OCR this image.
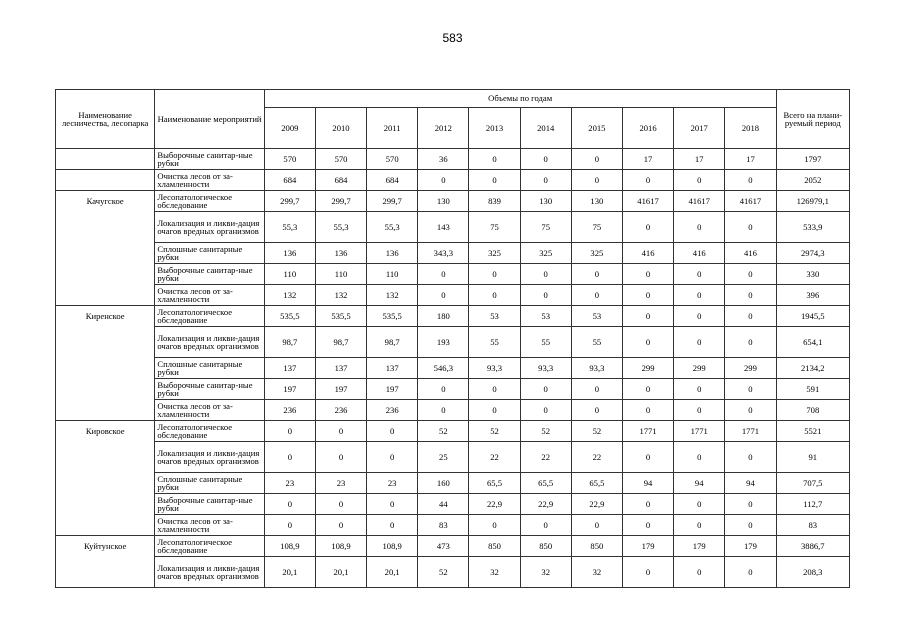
583
Наименование лесничества, лесопарка	Наименование мероприятий	Объемы по годам										Всего на плани-руемый период
		2009	2010	2011	2012	2013	2014	2015	2016	2017	2018	
	Выборочные санитар-ные рубки	570	570	570	36	0	0	0	17	17	17	1797
	Очистка лесов от за-хламленности	684	684	684	0	0	0	0	0	0	0	2052
Качугское	Лесопатологическое обследование	299,7	299,7	299,7	130	839	130	130	41617	41617	41617	126979,1
	Локализация и ликви-дация очагов вредных организмов	55,3	55,3	55,3	143	75	75	75	0	0	0	533,9
	Сплошные санитарные рубки	136	136	136	343,3	325	325	325	416	416	416	2974,3
	Выборочные санитар-ные рубки	110	110	110	0	0	0	0	0	0	0	330
	Очистка лесов от за-хламленности	132	132	132	0	0	0	0	0	0	0	396
Киренское	Лесопатологическое обследование	535,5	535,5	535,5	180	53	53	53	0	0	0	1945,5
	Локализация и ликви-дация очагов вредных организмов	98,7	98,7	98,7	193	55	55	55	0	0	0	654,1
	Сплошные санитарные рубки	137	137	137	546,3	93,3	93,3	93,3	299	299	299	2134,2
	Выборочные санитар-ные рубки	197	197	197	0	0	0	0	0	0	0	591
	Очистка лесов от за-хламленности	236	236	236	0	0	0	0	0	0	0	708
Кировское	Лесопатологическое обследование	0	0	0	52	52	52	52	1771	1771	1771	5521
	Локализация и ликви-дация очагов вредных организмов	0	0	0	25	22	22	22	0	0	0	91
	Сплошные санитарные рубки	23	23	23	160	65,5	65,5	65,5	94	94	94	707,5
	Выборочные санитар-ные рубки	0	0	0	44	22,9	22,9	22,9	0	0	0	112,7
	Очистка лесов от за-хламленности	0	0	0	83	0	0	0	0	0	0	83
Куйтунское	Лесопатологическое обследование	108,9	108,9	108,9	473	850	850	850	179	179	179	3886,7
	Локализация и ликви-дация очагов вредных организмов	20,1	20,1	20,1	52	32	32	32	0	0	0	208,3
